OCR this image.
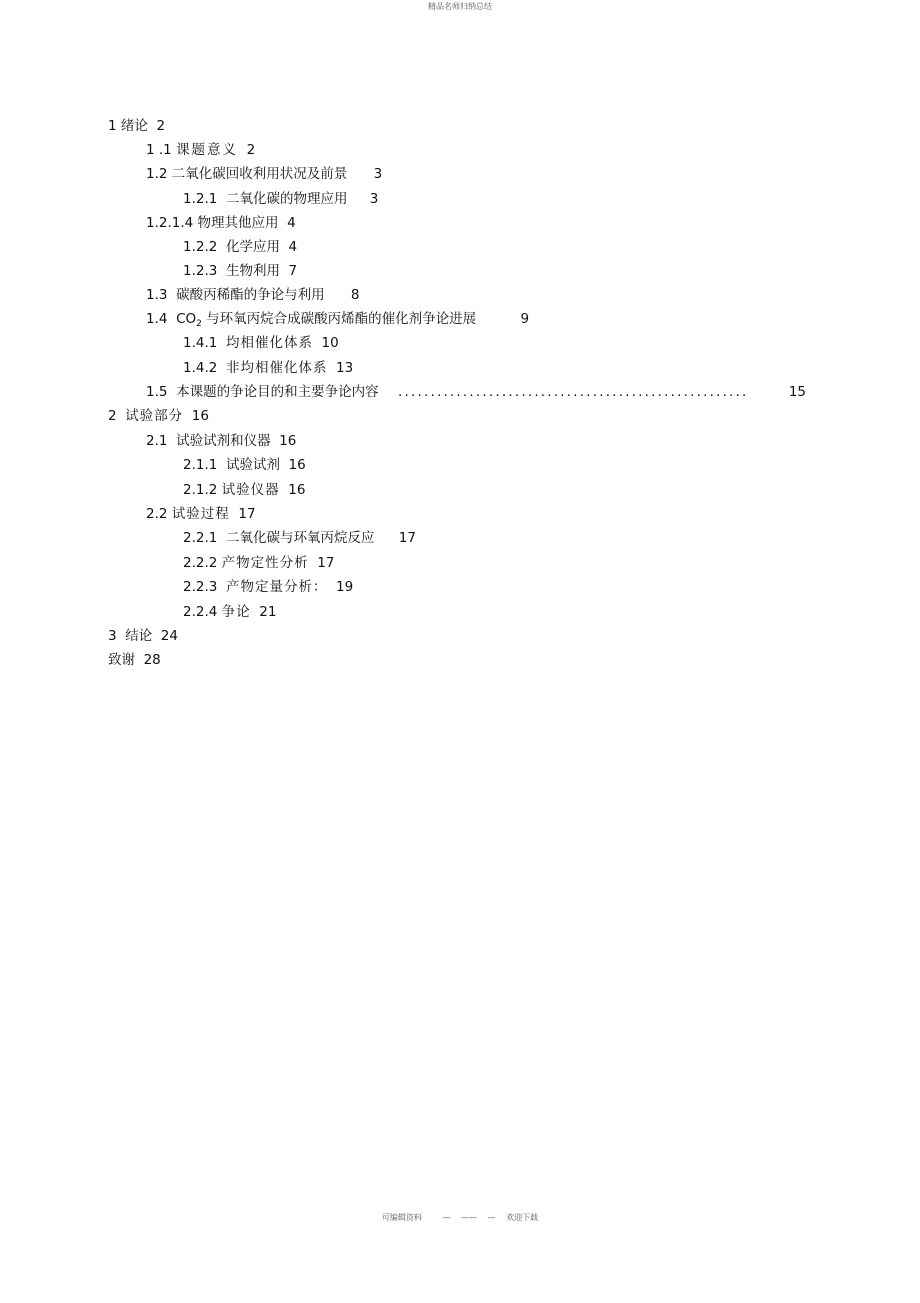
精品名师归纳总结
1 绪论 2
1 .1 课题意义 2
1.2 二氧化碳回收利用状况及前景 3
1.2.1 二氧化碳的物理应用 3
1.2.1.4 物理其他应用 4
1.2.2 化学应用 4
1.2.3 生物利用 7
1.3 碳酸丙稀酯的争论与利用 8
1.4 $CO_2$ 与环氧丙烷合成碳酸丙烯酯的催化剂争论进展	9
1.4.1 均相催化体系 10
1.4.2 非均相催化体系 13
1.5 本课题的争论目的和主要争论内容 ......................................................	15
2 试验部分 16
2.1 试验试剂和仪器 16
2.1.1 试验试剂 16
2.1.2 试验仪器 16
2.2 试验过程 17
2.2.1 二氧化碳与环氧丙烷反应 17
2.2.2 产物定性分析 17
2.2.3 产物定量分析： 19
2.2.4 争论 21
3 结论 24
致谢 28
可编辑资料	— —— — 欢迎下载
